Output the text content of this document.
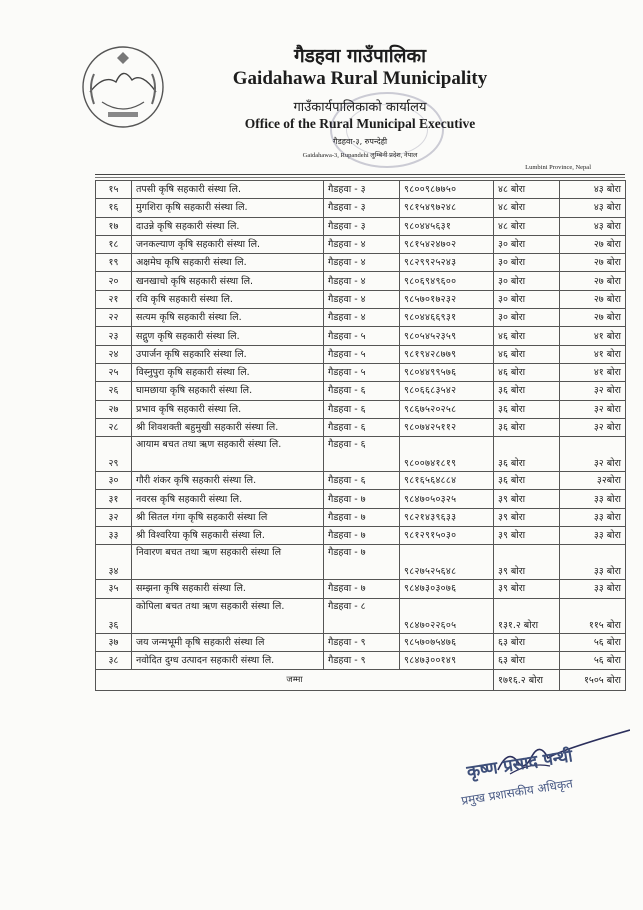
गैडहवा गाउँपालिका
Gaidahawa Rural Municipality
गाउँकार्यपालिकाको कार्यालय
Office of the Rural Municipal Executive
गैडहवा-३, रुपन्देही
Gaidahawa-3, Rupandehi लुम्बिनी प्रदेश, नेपाल
Lumbini Province, Nepal
१५	तपसी कृषि सहकारी संस्था लि.	गैडहवा - ३	९८००९८७७५०	४८ बोरा	४३ बोरा
१६	मुगशिरा कृषि सहकारी संस्था लि.	गैडहवा - ३	९८१५४९७२४८	४८ बोरा	४३ बोरा
१७	दाउन्ने कृषि सहकारी संस्था लि.	गैडहवा - ३	९८०४४५६३१	४८ बोरा	४३ बोरा
१८	जनकल्याण कृषि सहकारी संस्था लि.	गैडहवा - ४	९८१५४२४७०२	३० बोरा	२७ बोरा
१९	अक्षमेघ कृषि सहकारी संस्था लि.	गैडहवा - ४	९८२९९२५२४३	३० बोरा	२७ बोरा
२०	खनखाचो कृषि सहकारी संस्था लि.	गैडहवा - ४	९८०६९४९६००	३० बोरा	२७ बोरा
२१	रवि कृषि सहकारी संस्था लि.	गैडहवा - ४	९८५७०१७२३२	३० बोरा	२७ बोरा
२२	सत्यम कृषि सहकारी संस्था लि.	गैडहवा - ४	९८०४४६६९३१	३० बोरा	२७ बोरा
२३	सद्गुण कृषि सहकारी संस्था लि.	गैडहवा - ५	९८०५४५२३५९	४६ बोरा	४१ बोरा
२४	उपार्जन कृषि सहकारि संस्था लि.	गैडहवा - ५	९८१९४२८७७९	४६ बोरा	४१ बोरा
२५	विस्नुपुरा कृषि सहकारी संस्था लि.	गैडहवा - ५	९८०४४९९५७६	४६ बोरा	४१ बोरा
२६	घामछाया कृषि सहकारी संस्था लि.	गैडहवा - ६	९८०६६८३५४२	३६ बोरा	३२ बोरा
२७	प्रभाव कृषि सहकारी संस्था लि.	गैडहवा - ६	९८६७५२०२५८	३६ बोरा	३२ बोरा
२८	श्री शिवशक्ती बहुमुखी सहकारी संस्था लि.	गैडहवा - ६	९८०७४२५११२	३६ बोरा	३२ बोरा
२९	आयाम बचत तथा ऋण सहकारी संस्था लि.	गैडहवा - ६	९८००७४१८१९	३६ बोरा	३२ बोरा
३०	गौरी शंकर कृषि सहकारी संस्था लि.	गैडहवा - ६	९८१६५६४८८४	३६ बोरा	३२बोरा
३१	नवरस कृषि सहकारी संस्था लि.	गैडहवा - ७	९८४७०५०३२५	३९ बोरा	३३ बोरा
३२	श्री सितल गंगा कृषि सहकारी संस्था लि	गैडहवा - ७	९८२१४३९६३३	३९ बोरा	३३ बोरा
३३	श्री विश्वरिया कृषि सहकारी संस्था लि.	गैडहवा - ७	९८१२९१५०३०	३९ बोरा	३३ बोरा
३४	निवारण बचत तथा ऋण सहकारी संस्था लि	गैडहवा - ७	९८२७५२५६४८	३९ बोरा	३३ बोरा
३५	सम्झना कृषि सहकारी संस्था लि.	गैडहवा - ७	९८४७३०३०७६	३९ बोरा	३३ बोरा
३६	कोपिला बचत तथा ऋण सहकारी संस्था लि.	गैडहवा - ८	९८४७०२२६०५	१३१.२ बोरा	११५ बोरा
३७	जय जन्मभूमी कृषि सहकारी संस्था लि	गैडहवा - ९	९८५७०७५४७६	६३ बोरा	५६ बोरा
३८	नवोदित दुग्ध उत्पादन सहकारी संस्था लि.	गैडहवा - ९	९८४७३००१४९	६३ बोरा	५६ बोरा
जम्मा				१७१६.२ बोरा	१५०५ बोरा
कृष्ण प्रसाद पन्थी
प्रमुख प्रशासकीय अधिकृत
